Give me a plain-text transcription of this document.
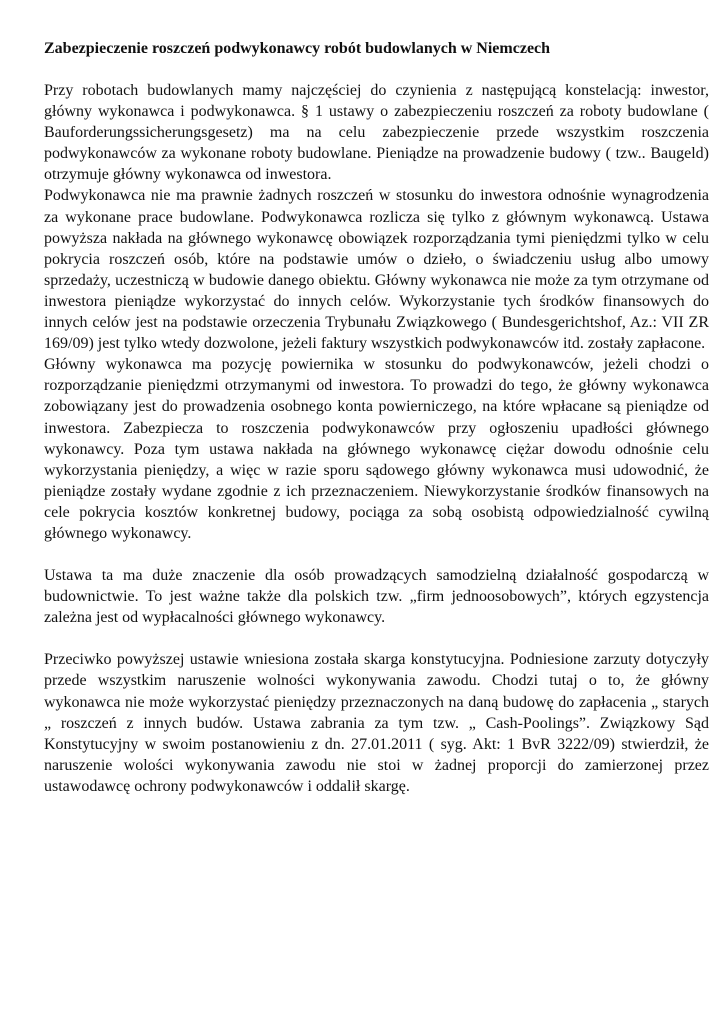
Zabezpieczenie roszczeń podwykonawcy robót budowlanych w Niemczech

Przy robotach budowlanych mamy najczęściej do czynienia z następującą konstelacją: inwestor, główny wykonawca i podwykonawca. § 1 ustawy o zabezpieczeniu roszczeń za roboty budowlane ( Bauforderungssicherungsgesetz) ma na celu zabezpieczenie przede wszystkim roszczenia podwykonawców za wykonane roboty budowlane. Pieniądze na prowadzenie budowy ( tzw.. Baugeld) otrzymuje główny wykonawca od inwestora.

Podwykonawca nie ma prawnie żadnych roszczeń w stosunku do inwestora odnośnie wynagrodzenia za wykonane prace budowlane. Podwykonawca rozlicza się tylko z głównym wykonawcą. Ustawa powyższa nakłada na głównego wykonawcę obowiązek rozporządzania tymi pieniędzmi tylko w celu pokrycia roszczeń osób, które na podstawie umów o dzieło, o świadczeniu usług albo umowy sprzedaży, uczestniczą w budowie danego obiektu. Główny wykonawca nie może za tym otrzymane od inwestora pieniądze wykorzystać do innych celów. Wykorzystanie tych środków finansowych do innych celów jest na podstawie orzeczenia Trybunału Związkowego ( Bundesgerichtshof, Az.: VII ZR 169/09) jest tylko wtedy dozwolone, jeżeli faktury wszystkich podwykonawców itd. zostały zapłacone.

Główny wykonawca ma pozycję powiernika w stosunku do podwykonawców, jeżeli chodzi o rozporządzanie pieniędzmi otrzymanymi od inwestora. To prowadzi do tego, że główny wykonawca zobowiązany jest do prowadzenia osobnego konta powierniczego, na które wpłacane są pieniądze od inwestora. Zabezpiecza to roszczenia podwykonawców przy ogłoszeniu upadłości głównego wykonawcy. Poza tym ustawa nakłada na głównego wykonawcę ciężar dowodu odnośnie celu wykorzystania pieniędzy, a więc w razie sporu sądowego główny wykonawca musi udowodnić, że pieniądze zostały wydane zgodnie z ich przeznaczeniem. Niewykorzystanie środków finansowych na cele pokrycia kosztów konkretnej budowy, pociąga za sobą osobistą odpowiedzialność cywilną głównego wykonawcy.

Ustawa ta ma duże znaczenie dla osób prowadzących samodzielną działalność gospodarczą w budownictwie. To jest ważne także dla polskich tzw. „firm jednoosobowych”, których egzystencja zależna jest od wypłacalności głównego wykonawcy.

Przeciwko powyższej ustawie wniesiona została skarga konstytucyjna. Podniesione zarzuty dotyczyły przede wszystkim naruszenie wolności wykonywania zawodu. Chodzi tutaj o to, że główny wykonawca nie może wykorzystać pieniędzy przeznaczonych na daną budowę do zapłacenia „ starych „ roszczeń z innych budów. Ustawa zabrania za tym tzw. „ Cash-Poolings”. Związkowy Sąd Konstytucyjny w swoim postanowieniu z dn. 27.01.2011 ( syg. Akt: 1 BvR 3222/09) stwierdził, że naruszenie wolości wykonywania zawodu nie stoi w żadnej proporcji do zamierzonej przez ustawodawcę ochrony podwykonawców i oddalił skargę.
